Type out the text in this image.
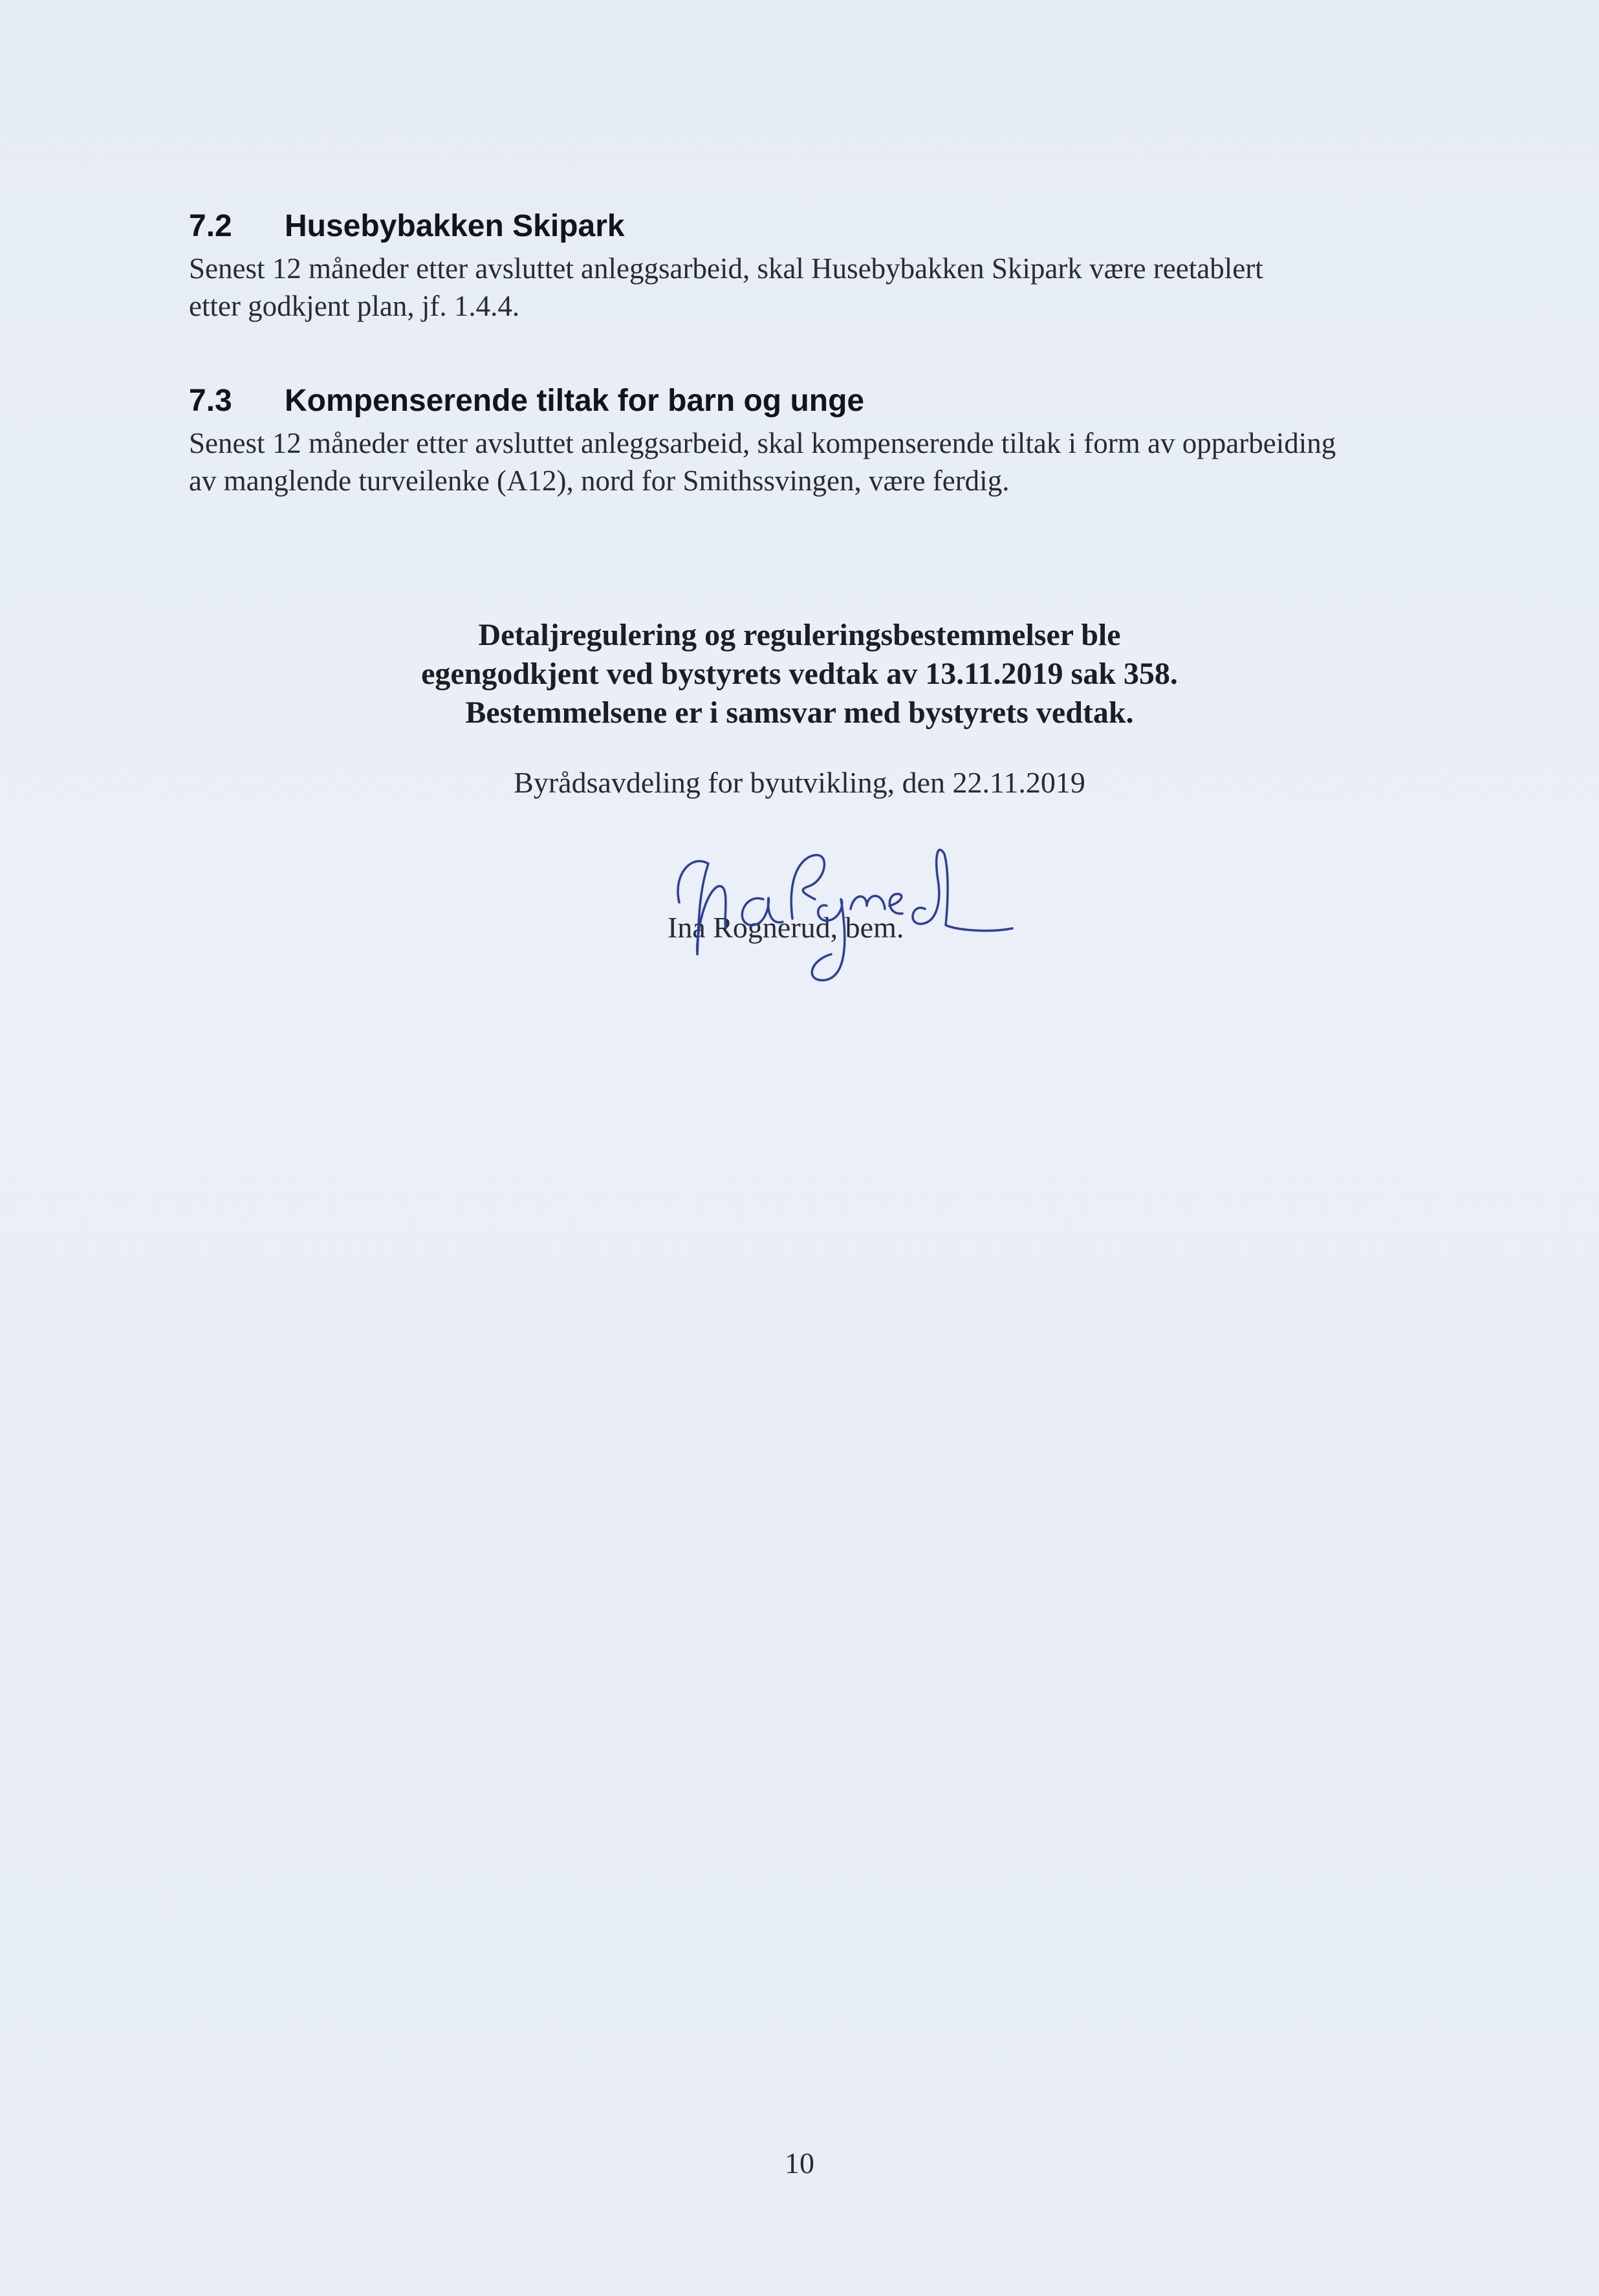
7.2 Husebybakken Skipark
Senest 12 måneder etter avsluttet anleggsarbeid, skal Husebybakken Skipark være reetablert
etter godkjent plan, jf. 1.4.4.
7.3 Kompenserende tiltak for barn og unge
Senest 12 måneder etter avsluttet anleggsarbeid, skal kompenserende tiltak i form av opparbeiding
av manglende turveilenke (A12), nord for Smithssvingen, være ferdig.
Detaljregulering og reguleringsbestemmelser ble
egengodkjent ved bystyrets vedtak av 13.11.2019 sak 358.
Bestemmelsene er i samsvar med bystyrets vedtak.
Byrådsavdeling for byutvikling, den 22.11.2019
Ina Rognerud, bem.
10
